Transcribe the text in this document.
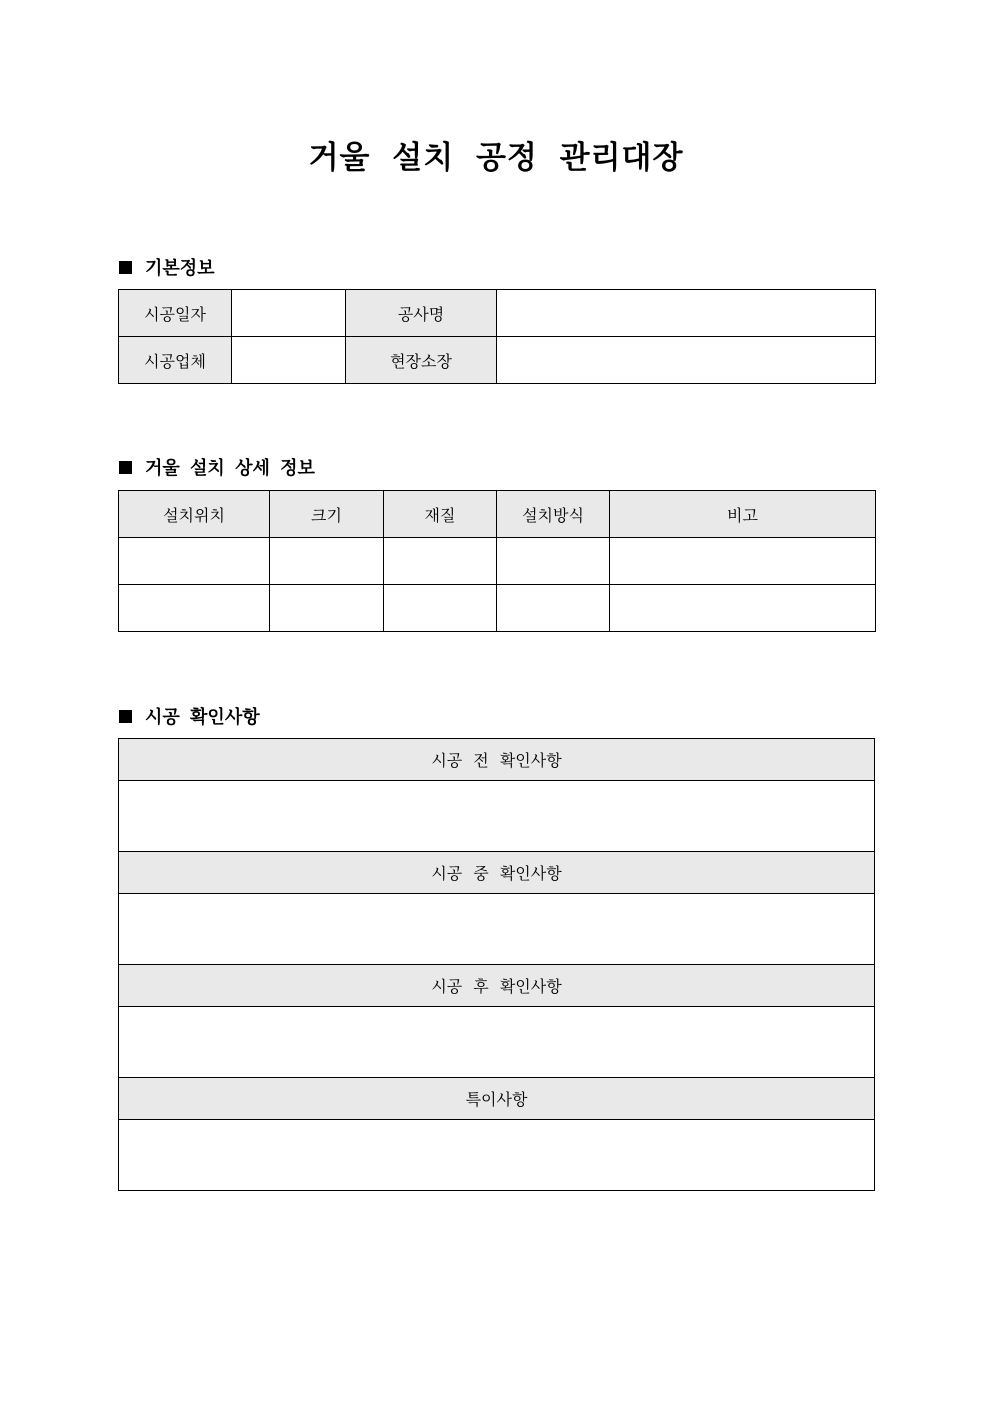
거울 설치 공정 관리대장
기본정보
시공일자		공사명	
시공업체		현장소장	
거울 설치 상세 정보
설치위치	크기	재질	설치방식	비고

시공 확인사항
시공 전 확인사항

시공 중 확인사항

시공 후 확인사항

특이사항
